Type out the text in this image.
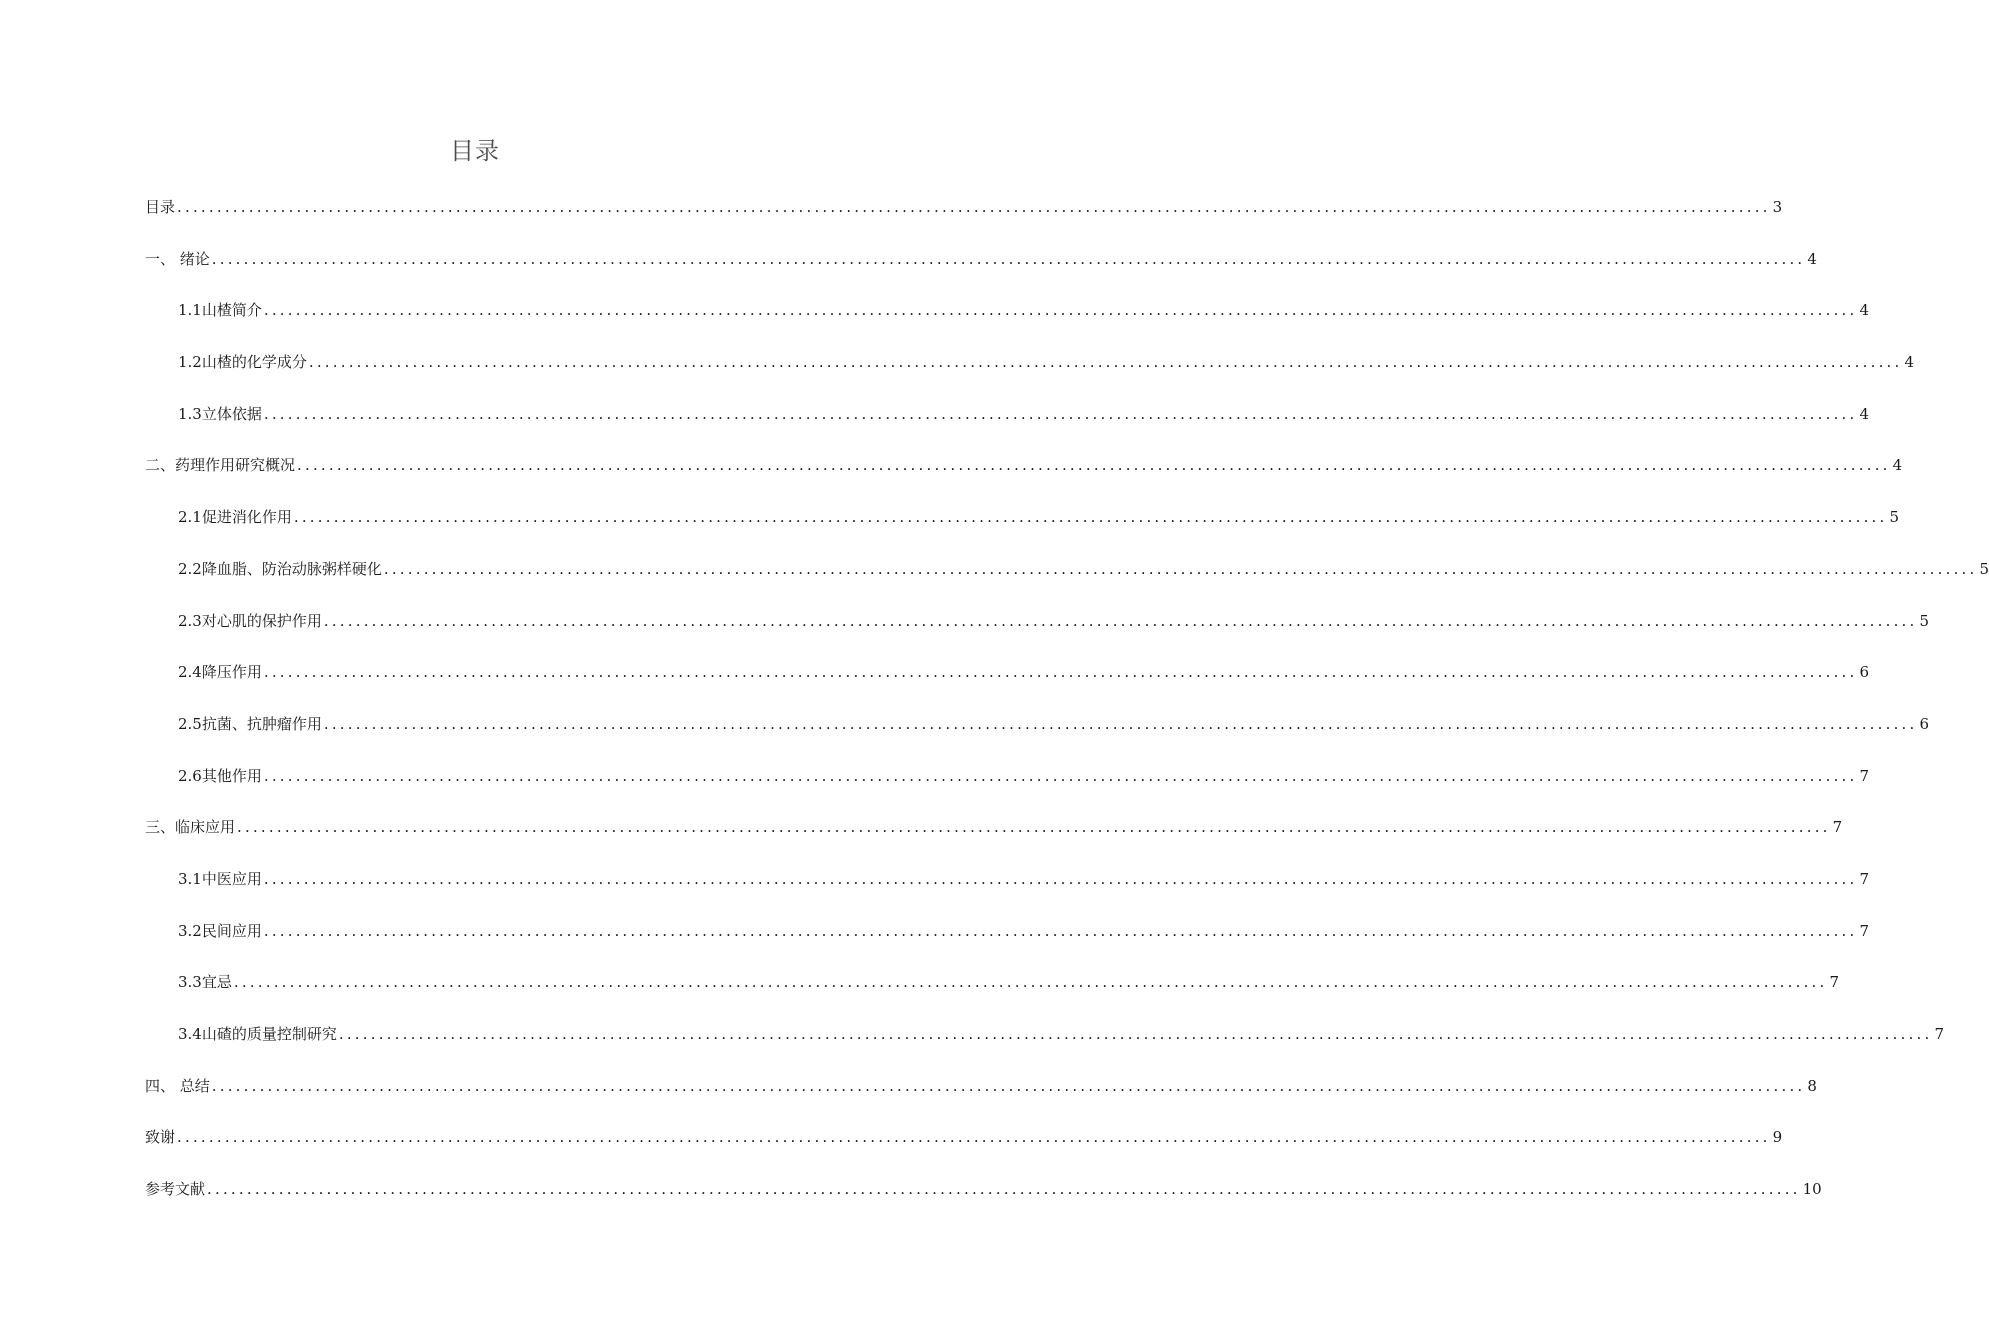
目录
目录 ........................................................................................................................................................................................................ 3
一、 绪论 ........................................................................................................................................................................................................ 4
1.1山楂简介 ........................................................................................................................................................................................................ 4
1.2山楂的化学成分 ........................................................................................................................................................................................................ 4
1.3立体依据 ........................................................................................................................................................................................................ 4
二、药理作用研究概况 ........................................................................................................................................................................................................ 4
2.1促进消化作用 ........................................................................................................................................................................................................ 5
2.2降血脂、防治动脉粥样硬化 ........................................................................................................................................................................................................ 5
2.3对心肌的保护作用 ........................................................................................................................................................................................................ 5
2.4降压作用 ........................................................................................................................................................................................................ 6
2.5抗菌、抗肿瘤作用 ........................................................................................................................................................................................................ 6
2.6其他作用 ........................................................................................................................................................................................................ 7
三、临床应用 ........................................................................................................................................................................................................ 7
3.1中医应用 ........................................................................................................................................................................................................ 7
3.2民间应用 ........................................................................................................................................................................................................ 7
3.3宜忌 ........................................................................................................................................................................................................ 7
3.4山碴的质量控制研究 ........................................................................................................................................................................................................ 7
四、 总结 ........................................................................................................................................................................................................ 8
致谢 ........................................................................................................................................................................................................ 9
参考文献 ........................................................................................................................................................................................................ 10
